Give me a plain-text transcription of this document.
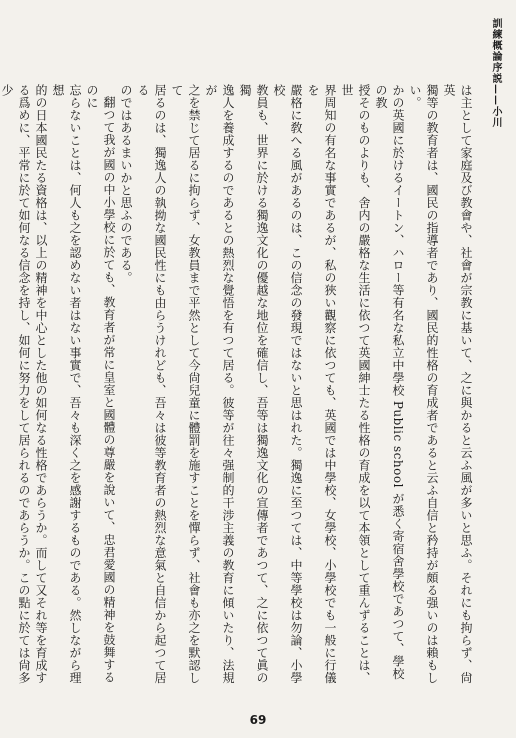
訓練概論序説——小川
は主として家庭及び教會や、社會が宗教に基いて、之に與かると云ふ風が多いと思ふ。それにも拘らず、尙英
獨等の教育者は、國民の指導者であり、國民的性格の育成者であると云ふ自信と矜持が頗る强いのは賴もしい。
かの英國に於けるイートン、ハロー等有名な私立中學校 Public school が悉く寄宿舍學校であつて、學校の教
授そのものよりも、舍内の嚴格な生活に依つて英國紳士たる性格の育成を以て本領として重んずることは、世
界周知の有名な事實であるが、私の狹い觀察に依つても、英國では中學校、女學校、小學校でも一般に行儀を
嚴格に敎へる風があるのは、この信念の發現ではないと思はれた。獨逸に至つては、中等學校は勿論、小學校
教員も、世界に於ける獨逸文化の優越な地位を確信し、吾等は獨逸文化の宣傳者であつて、之に依つて眞の獨
逸人を養成するのであるとの熱烈な覺悟を有つて居る。彼等が往々强制的干涉主義の教育に傾いたり、法規が
之を禁じて居るに拘らず、女教員まで平然として今尙兒童に體罰を施すことを憚らず、社會も亦之を默認して
居るのは、獨逸人の執拗な國民性にも由らうけれども、吾々は彼等教育者の熱烈な意氣と自信から起つて居る
のではあるまいかと思ふのである。
翻つて我が國の中小學校に於ても、教育者が常に皇室と國體の尊嚴を說いて、忠君愛國の精神を鼓舞するのに
忘らないことは、何人も之を認めない者はない事實で、吾々も深く之を感謝するものである。然しながら理想
的の日本國民たる資格は、以上の精神を中心とした他の如何なる性格であらうか。而して又それ等を育成す
る爲めに、平常に於て如何なる信念を持し、如何に努力をして居られるのであらうか。この點に於ては尙多少

69
